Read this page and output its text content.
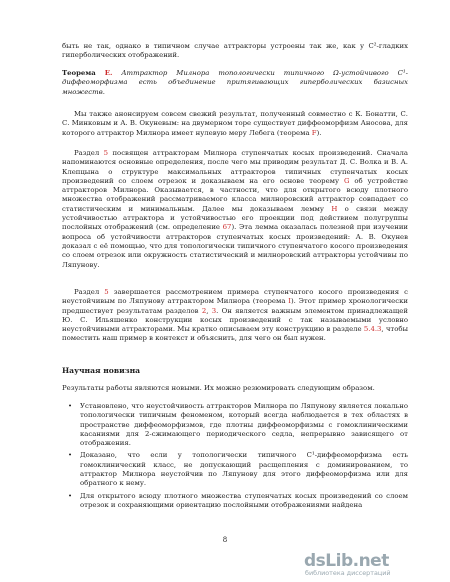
быть не так, однако в типичном случае аттракторы устроены так же, как у C²-гладких гиперболических отображений.

Теорема E. Аттрактор Милнора топологически типичного Ω-устойчивого C¹-диффеоморфизма есть объединение притягивающих гиперболических базисных множеств.

Мы также анонсируем совсем свежий результат, полученный совместно с К. Бонатти, С. С. Минковым и А. В. Окуневым: на двумерном торе существует диффеоморфизм Аносова, для которого аттрактор Милнора имеет нулевую меру Лебега (теорема F).

Раздел 5 посвящен аттракторам Милнора ступенчатых косых произведений. Сначала напоминаются основные определения, после чего мы приводим результат Д. С. Волка и В. А. Клепцына о структуре максимальных аттракторов типичных ступенчатых косых произведений со слоем отрезок и доказываем на его основе теорему G об устройстве аттракторов Милнора. Оказывается, в частности, что для открытого всюду плотного множества отображений рассматриваемого класса милноровский аттрактор совпадает со статистическим и минимальным. Далее мы доказываем лемму H о связи между устойчивостью аттрактора и устойчивостью его проекции под действием полугруппы послойных отображений (см. определение 67). Эта лемма оказалась полезной при изучении вопроса об устойчивости аттракторов ступенчатых косых произведений: А. В. Окунев доказал с её помощью, что для топологически типичного ступенчатого косого произведения со слоем отрезок или окружность статистический и милноровский аттракторы устойчивы по Ляпунову.

Раздел 5 завершается рассмотрением примера ступенчатого косого произведения с неустойчивым по Ляпунову аттрактором Милнора (теорема I). Этот пример хронологически предшествует результатам разделов 2, 3. Он является важным элементом принадлежащей Ю. С. Ильяшенко конструкции косых произведений с так называемыми условно неустойчивыми аттракторами. Мы кратко описываем эту конструкцию в разделе 5.4.3, чтобы поместить наш пример в контекст и объяснить, для чего он был нужен.

Научная новизна

Результаты работы являются новыми. Их можно резюмировать следующим образом.

• Установлено, что неустойчивость аттракторов Милнора по Ляпунову является локально топологически типичным феноменом, который всегда наблюдается в тех областях в пространстве диффеоморфизмов, где плотны диффеоморфизмы с гомоклиническими касаниями для 2-сжимающего периодического седла, непрерывно зависящего от отображения.
• Доказано, что если у топологически типичного C¹-диффеоморфизма есть гомоклинический класс, не допускающий расщепления с доминированием, то аттрактор Милнора неустойчив по Ляпунову для этого диффеоморфизма или для обратного к нему.
• Для открытого всюду плотного множества ступенчатых косых произведений со слоем отрезок и сохраняющими ориентацию послойными отображениями найдена
8
dsLib.net
библиотека диссертаций
